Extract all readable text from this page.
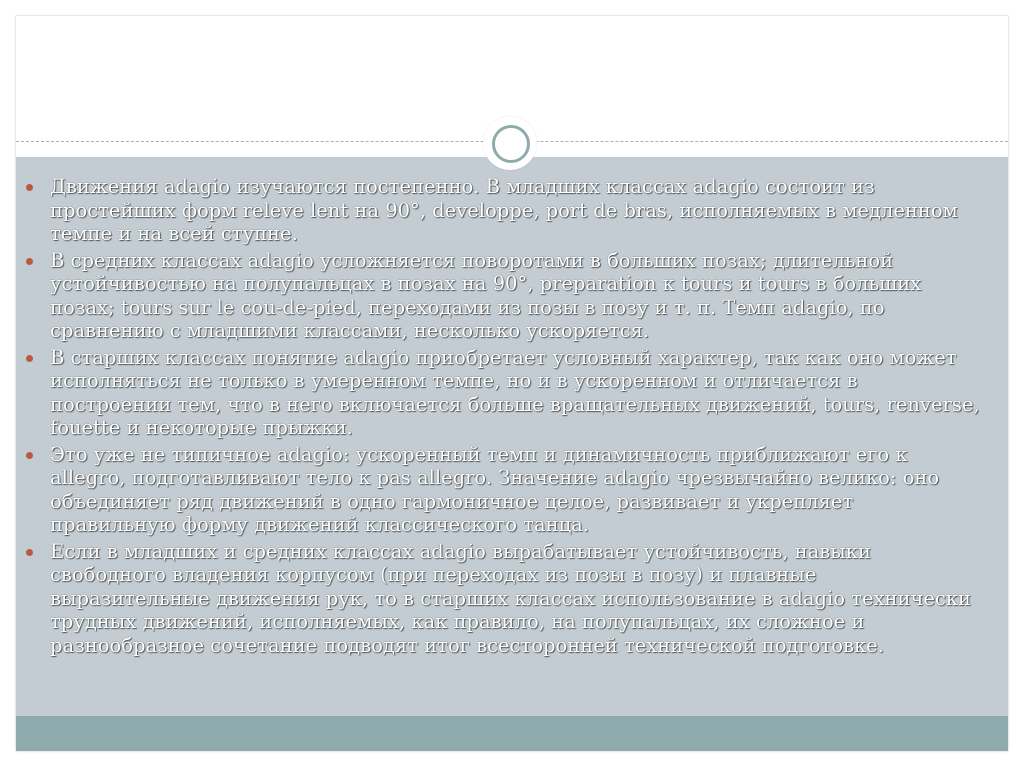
Движения adagio изучаются постепенно. В младших классах adagio состоит из простейших форм releve lent на 90°, developpe, port de bras, исполняемых в медленном темпе и на всей ступне.
В средних классах adagio усложняется поворотами в больших позах; длительной устойчивостью на полупальцах в позах на 90°, preparation к tours и tours в больших позах; tours sur le cou-de-pied, переходами из позы в позу и т. п. Темп adagio, по сравнению с младшими классами, несколько ускоряется.
В старших классах понятие adagio приобретает условный характер, так как оно может исполняться не только в умеренном темпе, но и в ускоренном и отличается в построении тем, что в него включается больше вращательных движений, tours, renverse, fouette и некоторые прыжки.
Это уже не типичное adagio: ускоренный темп и динамичность приближают его к allegro, подготавливают тело к pas allegro. Значение adagio чрезвычайно велико: оно объединяет ряд движений в одно гармоничное целое, развивает и укрепляет правильную форму движений классического танца.
Если в младших и средних классах adagio вырабатывает устойчивость, навыки свободного владения корпусом (при переходах из позы в позу) и плавные выразительные движения рук, то в старших классах использование в adagio технически трудных движений, исполняемых, как правило, на полупальцах, их сложное и разнообразное сочетание подводят итог всесторонней технической подготовке.
